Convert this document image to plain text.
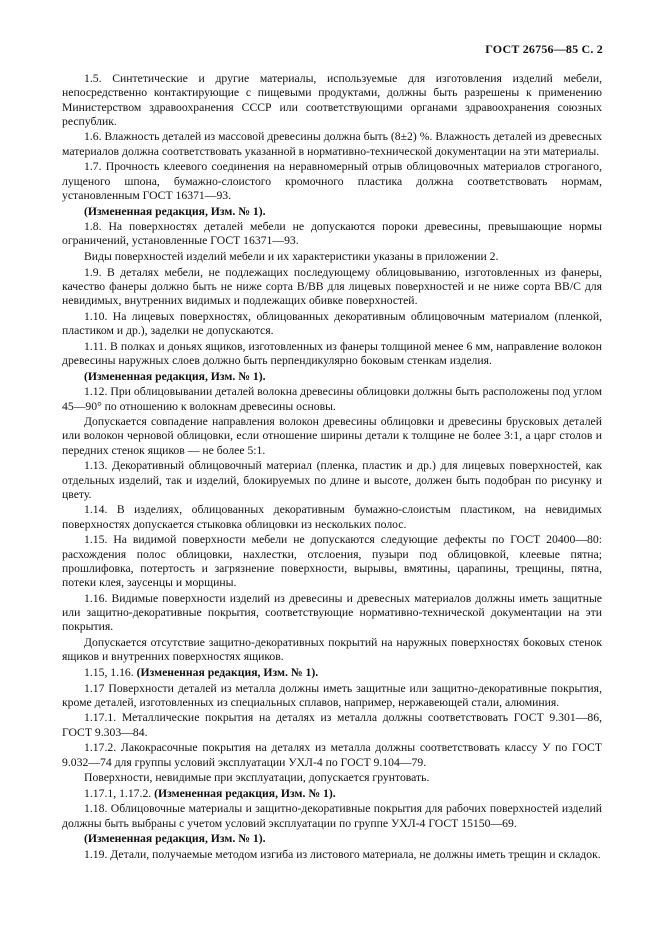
ГОСТ 26756—85 С. 2

1.5. Синтетические и другие материалы, используемые для изготовления изделий мебели, непосредственно контактирующие с пищевыми продуктами, должны быть разрешены к применению Министерством здравоохранения СССР или соответствующими органами здравоохранения союзных республик.

1.6. Влажность деталей из массовой древесины должна быть (8±2) %. Влажность деталей из древесных материалов должна соответствовать указанной в нормативно-технической документации на эти материалы.

1.7. Прочность клеевого соединения на неравномерный отрыв облицовочных материалов строганого, лущеного шпона, бумажно-слоистого кромочного пластика должна соответствовать нормам, установленным ГОСТ 16371—93.

(Измененная редакция, Изм. № 1).

1.8. На поверхностях деталей мебели не допускаются пороки древесины, превышающие нормы ограничений, установленные ГОСТ 16371—93.

Виды поверхностей изделий мебели и их характеристики указаны в приложении 2.

1.9. В деталях мебели, не подлежащих последующему облицовыванию, изготовленных из фанеры, качество фанеры должно быть не ниже сорта В/ВВ для лицевых поверхностей и не ниже сорта ВВ/С для невидимых, внутренних видимых и подлежащих обивке поверхностей.

1.10. На лицевых поверхностях, облицованных декоративным облицовочным материалом (пленкой, пластиком и др.), заделки не допускаются.

1.11. В полках и доньях ящиков, изготовленных из фанеры толщиной менее 6 мм, направление волокон древесины наружных слоев должно быть перпендикулярно боковым стенкам изделия.

(Измененная редакция, Изм. № 1).

1.12. При облицовывании деталей волокна древесины облицовки должны быть расположены под углом 45—90° по отношению к волокнам древесины основы.

Допускается совпадение направления волокон древесины облицовки и древесины брусковых деталей или волокон черновой облицовки, если отношение ширины детали к толщине не более 3:1, а царг столов и передних стенок ящиков — не более 5:1.

1.13. Декоративный облицовочный материал (пленка, пластик и др.) для лицевых поверхностей, как отдельных изделий, так и изделий, блокируемых по длине и высоте, должен быть подобран по рисунку и цвету.

1.14. В изделиях, облицованных декоративным бумажно-слоистым пластиком, на невидимых поверхностях допускается стыковка облицовки из нескольких полос.

1.15. На видимой поверхности мебели не допускаются следующие дефекты по ГОСТ 20400—80: расхождения полос облицовки, нахлестки, отслоения, пузыри под облицовкой, клеевые пятна; прошлифовка, потертость и загрязнение поверхности, вырывы, вмятины, царапины, трещины, пятна, потеки клея, заусенцы и морщины.

1.16. Видимые поверхности изделий из древесины и древесных материалов должны иметь защитные или защитно-декоративные покрытия, соответствующие нормативно-технической документации на эти покрытия.

Допускается отсутствие защитно-декоративных покрытий на наружных поверхностях боковых стенок ящиков и внутренних поверхностях ящиков.

1.15, 1.16. (Измененная редакция, Изм. № 1).

1.17 Поверхности деталей из металла должны иметь защитные или защитно-декоративные покрытия, кроме деталей, изготовленных из специальных сплавов, например, нержавеющей стали, алюминия.

1.17.1. Металлические покрытия на деталях из металла должны соответствовать ГОСТ 9.301—86, ГОСТ 9.303—84.

1.17.2. Лакокрасочные покрытия на деталях из металла должны соответствовать классу У по ГОСТ 9.032—74 для группы условий эксплуатации УХЛ-4 по ГОСТ 9.104—79.

Поверхности, невидимые при эксплуатации, допускается грунтовать.

1.17.1, 1.17.2. (Измененная редакция, Изм. № 1).

1.18. Облицовочные материалы и защитно-декоративные покрытия для рабочих поверхностей изделий должны быть выбраны с учетом условий эксплуатации по группе УХЛ-4 ГОСТ 15150—69.

(Измененная редакция, Изм. № 1).

1.19. Детали, получаемые методом изгиба из листового материала, не должны иметь трещин и складок.
